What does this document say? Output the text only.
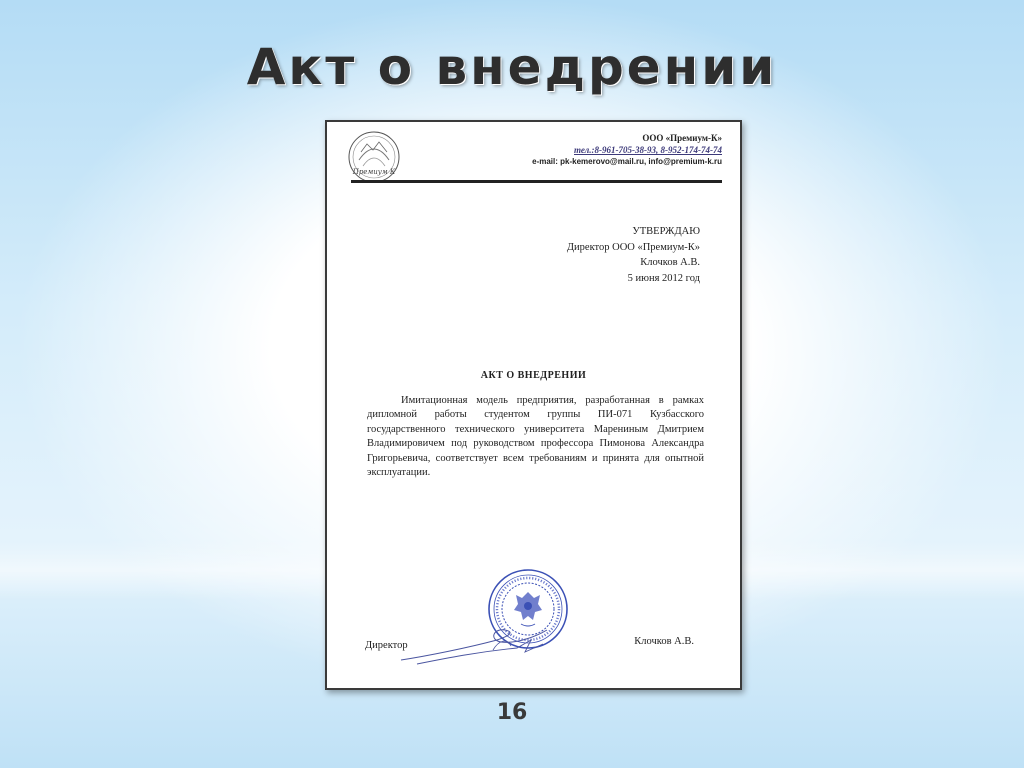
Акт о внедрении
Премиум К
ООО «Премиум-К»
тел.:8-961-705-38-93, 8-952-174-74-74
e-mail: pk-kemerovo@mail.ru, info@premium-k.ru
УТВЕРЖДАЮ
Директор ООО «Премиум-К»
Клочков А.В.
5 июня 2012 год
АКТ О ВНЕДРЕНИИ
Имитационная модель предприятия, разработанная в рамках дипломной работы студентом группы ПИ-071 Кузбасского государственного технического университета Марениным Дмитрием Владимировичем под руководством профессора Пимонова Александра Григорьевича, соответствует всем требованиям и принята для опытной эксплуатации.
Директор	Клочков А.В.
16
